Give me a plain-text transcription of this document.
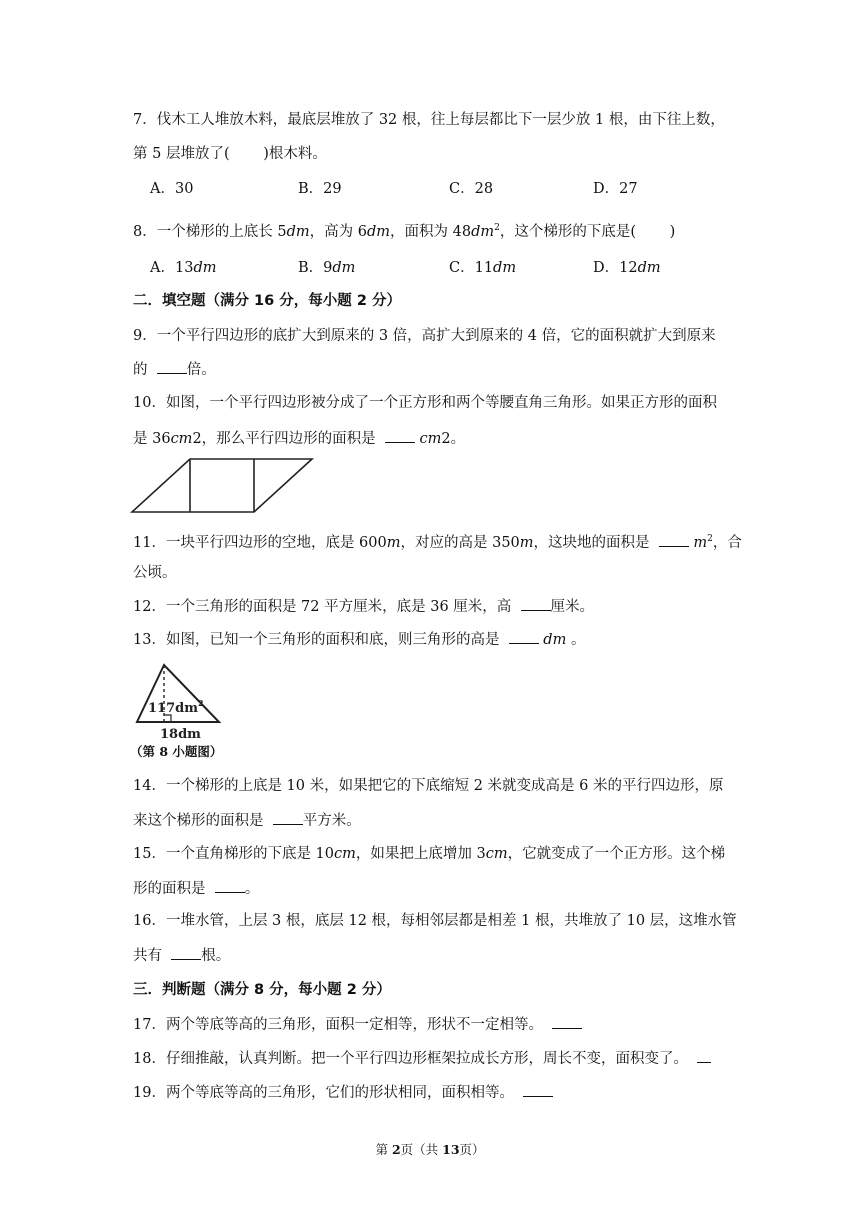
7．伐木工人堆放木料，最底层堆放了 32 根，往上每层都比下一层少放 1 根，由下往上数，
第 5 层堆放了(　　 )根木料。
A．30	B．29	C．28	D．27
8．一个梯形的上底长 5dm，高为 6dm，面积为 $48dm^2$，这个梯形的下底是(　　 )
A．13dm	B．9dm	C．11dm	D．12dm
二．填空题（满分 16 分，每小题 2 分）
9．一个平行四边形的底扩大到原来的 3 倍，高扩大到原来的 4 倍，它的面积就扩大到原来
的	倍。
10．如图，一个平行四边形被分成了一个正方形和两个等腰直角三角形。如果正方形的面积
是 36cm2，那么平行四边形的面积是	cm2。
11．一块平行四边形的空地，底是 600m，对应的高是 350m，这块地的面积是	$m^2$，合
公顷。
12．一个三角形的面积是 72 平方厘米，底是 36 厘米，高	厘米。
13．如图，已知一个三角形的面积和底，则三角形的高是	dm 。
$117dm^2$
18dm
（第 8 小题图）
14．一个梯形的上底是 10 米，如果把它的下底缩短 2 米就变成高是 6 米的平行四边形，原
来这个梯形的面积是	平方米。
15．一个直角梯形的下底是 10cm，如果把上底增加 3cm，它就变成了一个正方形。这个梯
形的面积是	。
16．一堆水管，上层 3 根，底层 12 根，每相邻层都是相差 1 根，共堆放了 10 层，这堆水管
共有	根。
三．判断题（满分 8 分，每小题 2 分）
17．两个等底等高的三角形，面积一定相等，形状不一定相等。
18．仔细推敲，认真判断。把一个平行四边形框架拉成长方形，周长不变，面积变了。
19．两个等底等高的三角形，它们的形状相同，面积相等。
第 2页（共 13页）
